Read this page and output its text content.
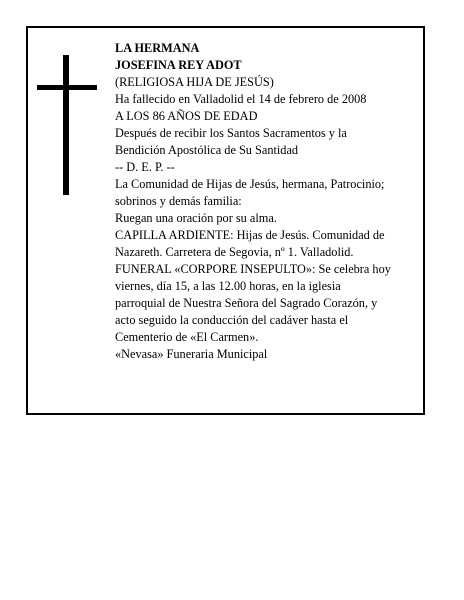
LA HERMANA
JOSEFINA REY ADOT
(RELIGIOSA HIJA DE JESÚS)
Ha fallecido en Valladolid el 14 de febrero de 2008
A LOS 86 AÑOS DE EDAD
Después de recibir los Santos Sacramentos y la
Bendición Apostólica de Su Santidad
-- D. E. P. --
La Comunidad de Hijas de Jesús, hermana, Patrocinio;
sobrinos y demás familia:
Ruegan una oración por su alma.
CAPILLA ARDIENTE: Hijas de Jesús. Comunidad de
Nazareth. Carretera de Segovia, nº 1. Valladolid.
FUNERAL «CORPORE INSEPULTO»: Se celebra hoy
viernes, día 15, a las 12.00 horas, en la iglesia
parroquial de Nuestra Señora del Sagrado Corazón, y
acto seguido la conducción del cadáver hasta el
Cementerio de «El Carmen».
«Nevasa» Funeraria Municipal
